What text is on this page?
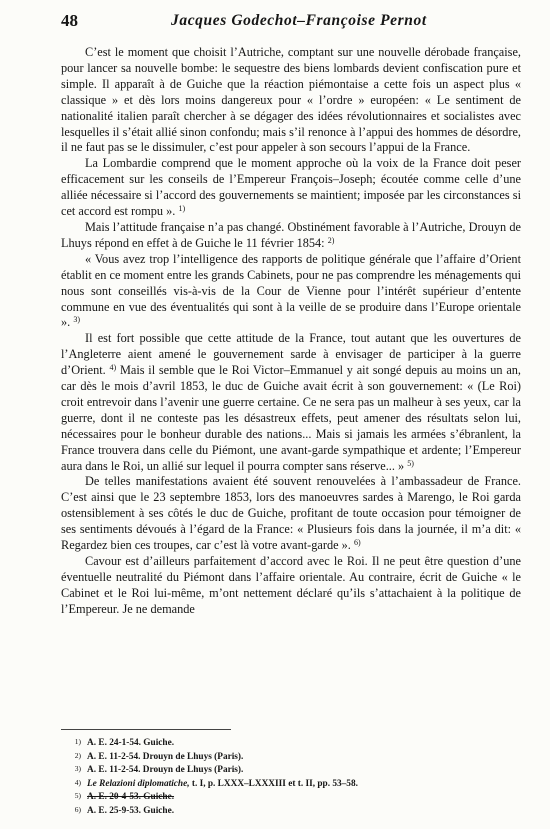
48	Jacques Godechot–Françoise Pernot

C’est le moment que choisit l’Autriche, comptant sur une nouvelle dérobade française, pour lancer sa nouvelle bombe: le sequestre des biens lombards devient confiscation pure et simple. Il apparaît à de Guiche que la réaction piémontaise a cette fois un aspect plus « classique » et dès lors moins dangereux pour « l’ordre » européen: « Le sentiment de nationalité italien paraît chercher à se dégager des idées révolutionnaires et socialistes avec lesquelles il s’était allié sinon confondu; mais s’il renonce à l’appui des hommes de désordre, il ne faut pas se le dissimuler, c’est pour appeler à son secours l’appui de la France.

La Lombardie comprend que le moment approche où la voix de la France doit peser efficacement sur les conseils de l’Empereur François–Joseph; écoutée comme celle d’une alliée nécessaire si l’accord des gouvernements se maintient; imposée par les circonstances si cet accord est rompu ». $^{1)}$

Mais l’attitude française n’a pas changé. Obstinément favorable à l’Autriche, Drouyn de Lhuys répond en effet à de Guiche le 11 février 1854: $^{2)}$

« Vous avez trop l’intelligence des rapports de politique générale que l’affaire d’Orient établit en ce moment entre les grands Cabinets, pour ne pas comprendre les ménagements qui nous sont conseillés vis-à-vis de la Cour de Vienne pour l’intérêt supérieur d’entente commune en vue des éventualités qui sont à la veille de se produire dans l’Europe orientale ». $^{3)}$

Il est fort possible que cette attitude de la France, tout autant que les ouvertures de l’Angleterre aient amené le gouvernement sarde à envisager de participer à la guerre d’Orient. $^{4)}$ Mais il semble que le Roi Victor–Emmanuel y ait songé depuis au moins un an, car dès le mois d’avril 1853, le duc de Guiche avait écrit à son gouvernement: « (Le Roi) croit entrevoir dans l’avenir une guerre certaine. Ce ne sera pas un malheur à ses yeux, car la guerre, dont il ne conteste pas les désastreux effets, peut amener des résultats selon lui, nécessaires pour le bonheur durable des nations... Mais si jamais les armées s’ébranlent, la France trouvera dans celle du Piémont, une avant-garde sympathique et ardente; l’Empereur aura dans le Roi, un allié sur lequel il pourra compter sans réserve... » $^{5)}$

De telles manifestations avaient été souvent renouvelées à l’ambassadeur de France. C’est ainsi que le 23 septembre 1853, lors des manoeuvres sardes à Marengo, le Roi garda ostensiblement à ses côtés le duc de Guiche, profitant de toute occasion pour témoigner de ses sentiments dévoués à l’égard de la France: « Plusieurs fois dans la journée, il m’a dit: « Regardez bien ces troupes, car c’est là votre avant-garde ». $^{6)}$

Cavour est d’ailleurs parfaitement d’accord avec le Roi. Il ne peut être question d’une éventuelle neutralité du Piémont dans l’affaire orientale. Au contraire, écrit de Guiche « le Cabinet et le Roi lui-même, m’ont nettement déclaré qu’ils s’attachaient à la politique de l’Empereur. Je ne demande

1) A. E. 24-1-54. Guiche.
2) A. E. 11-2-54. Drouyn de Lhuys (Paris).
3) A. E. 11-2-54. Drouyn de Lhuys (Paris).
4) Le Relazioni diplomatiche, t. I, p. LXXX–LXXXIII et t. II, pp. 53–58.
5) A. E. 20-4-53. Guiche.
6) A. E. 25-9-53. Guiche.
